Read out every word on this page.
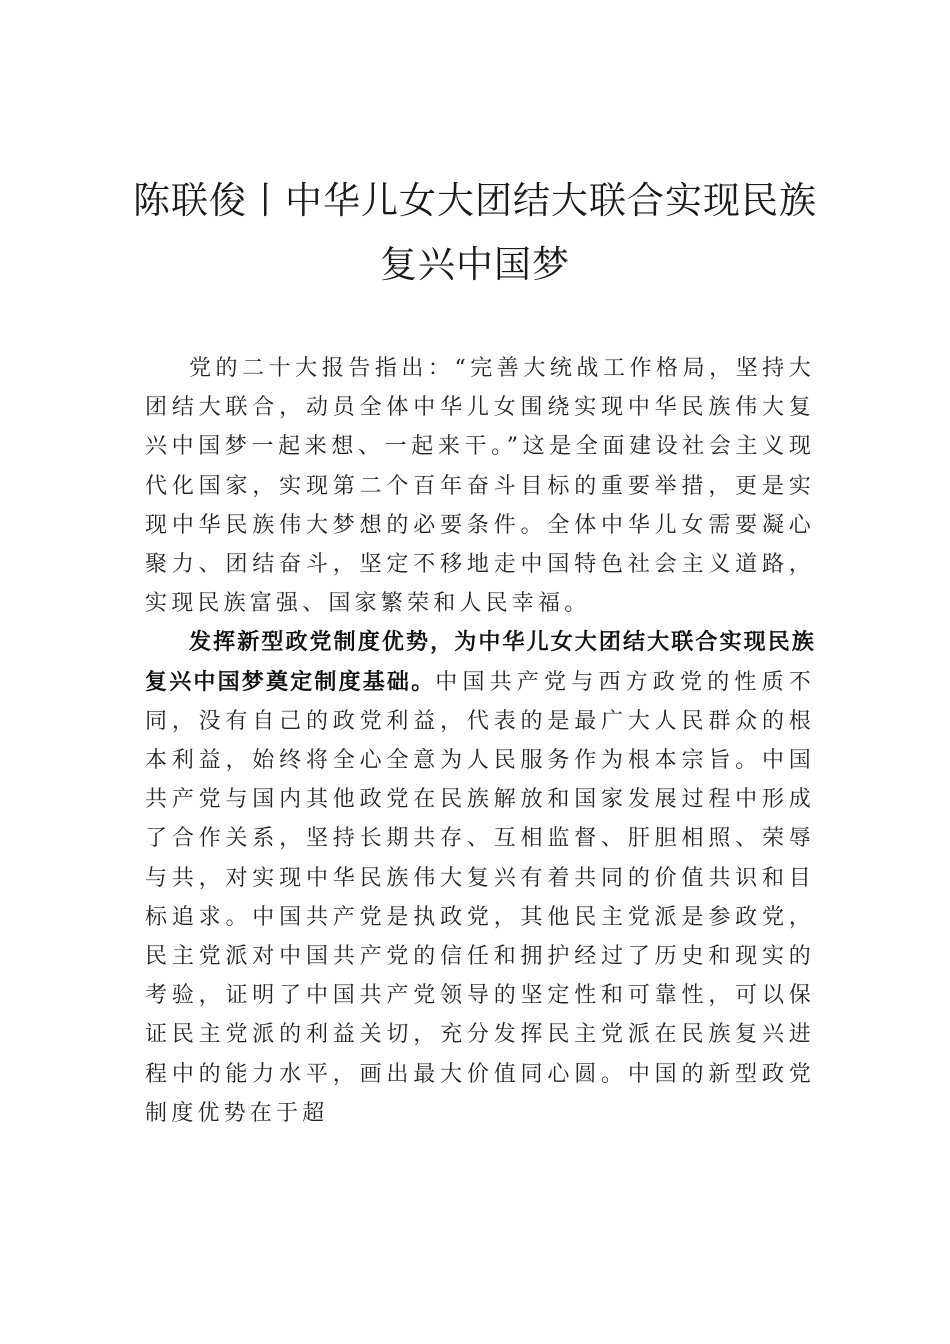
陈联俊丨中华儿女大团结大联合实现民族
复兴中国梦

党的二十大报告指出：“完善大统战工作格局，坚持大团结大联合，动员全体中华儿女围绕实现中华民族伟大复兴中国梦一起来想、一起来干。”这是全面建设社会主义现代化国家，实现第二个百年奋斗目标的重要举措，更是实现中华民族伟大梦想的必要条件。全体中华儿女需要凝心聚力、团结奋斗，坚定不移地走中国特色社会主义道路，实现民族富强、国家繁荣和人民幸福。

发挥新型政党制度优势，为中华儿女大团结大联合实现民族复兴中国梦奠定制度基础。中国共产党与西方政党的性质不同，没有自己的政党利益，代表的是最广大人民群众的根本利益，始终将全心全意为人民服务作为根本宗旨。中国共产党与国内其他政党在民族解放和国家发展过程中形成了合作关系，坚持长期共存、互相监督、肝胆相照、荣辱与共，对实现中华民族伟大复兴有着共同的价值共识和目标追求。中国共产党是执政党，其他民主党派是参政党，民主党派对中国共产党的信任和拥护经过了历史和现实的考验，证明了中国共产党领导的坚定性和可靠性，可以保证民主党派的利益关切，充分发挥民主党派在民族复兴进程中的能力水平，画出最大价值同心圆。中国的新型政党制度优势在于超
